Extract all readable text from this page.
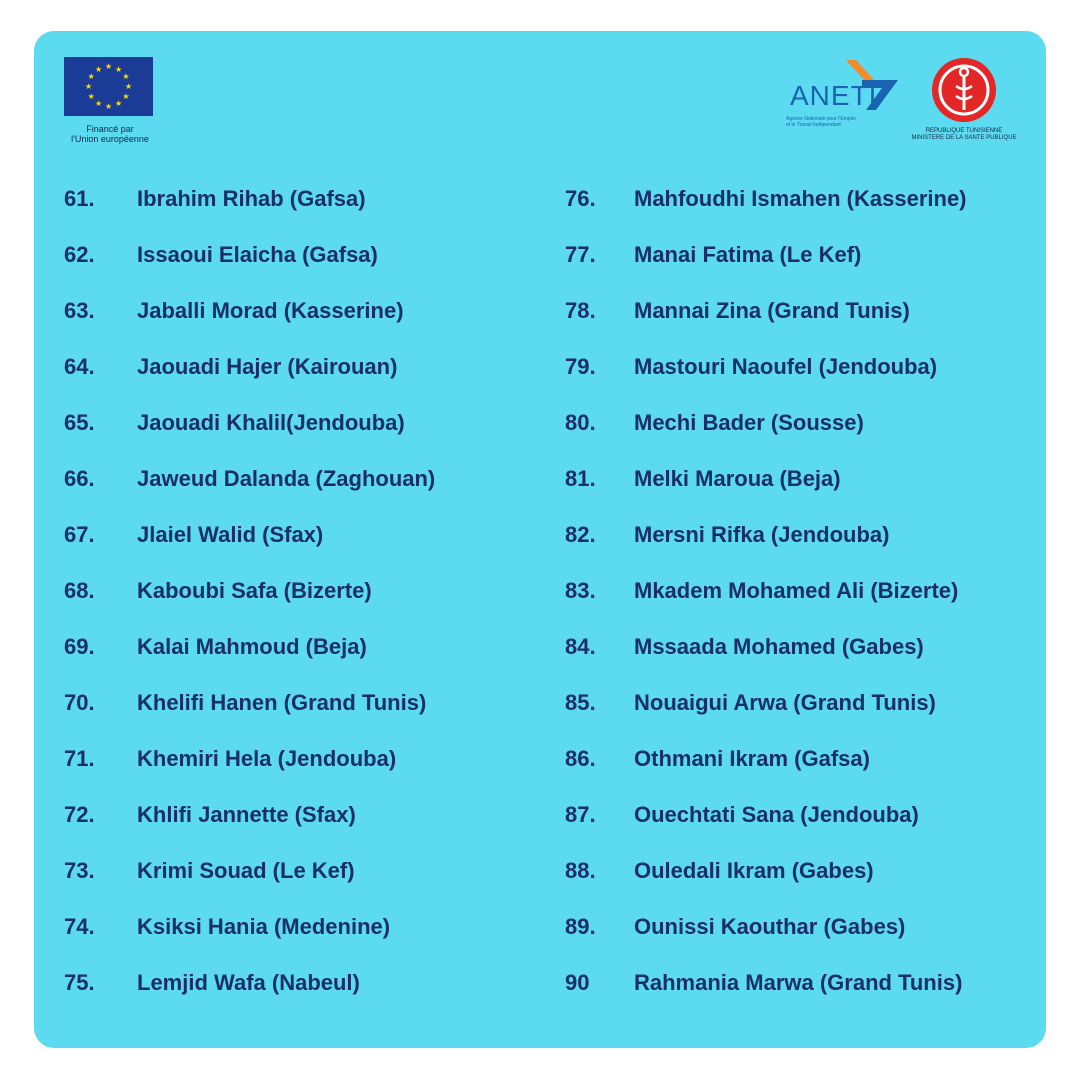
★ ★
★
★
★
★
★
★
★
★
★
★
Financé par
l'Union européenne
ANETI
Agence Nationale pour l'Emploi
et le Travail Indépendant
REPUBLIQUE TUNISIENNE
MINISTERE DE LA SANTE PUBLIQUE
61. Ibrahim Rihab (Gafsa)
62. Issaoui Elaicha (Gafsa)
63. Jaballi Morad (Kasserine)
64. Jaouadi Hajer (Kairouan)
65. Jaouadi Khalil(Jendouba)
66. Jaweud Dalanda (Zaghouan)
67. Jlaiel Walid (Sfax)
68. Kaboubi Safa (Bizerte)
69. Kalai Mahmoud (Beja)
70. Khelifi Hanen (Grand Tunis)
71. Khemiri Hela (Jendouba)
72. Khlifi Jannette (Sfax)
73. Krimi Souad (Le Kef)
74. Ksiksi Hania (Medenine)
75. Lemjid Wafa (Nabeul)
76. Mahfoudhi Ismahen (Kasserine)
77. Manai Fatima (Le Kef)
78. Mannai Zina (Grand Tunis)
79. Mastouri Naoufel (Jendouba)
80. Mechi Bader (Sousse)
81. Melki Maroua (Beja)
82. Mersni Rifka (Jendouba)
83. Mkadem Mohamed Ali (Bizerte)
84. Mssaada Mohamed (Gabes)
85. Nouaigui Arwa (Grand Tunis)
86. Othmani Ikram (Gafsa)
87. Ouechtati Sana (Jendouba)
88. Ouledali Ikram (Gabes)
89. Ounissi Kaouthar (Gabes)
90 Rahmania Marwa (Grand Tunis)
